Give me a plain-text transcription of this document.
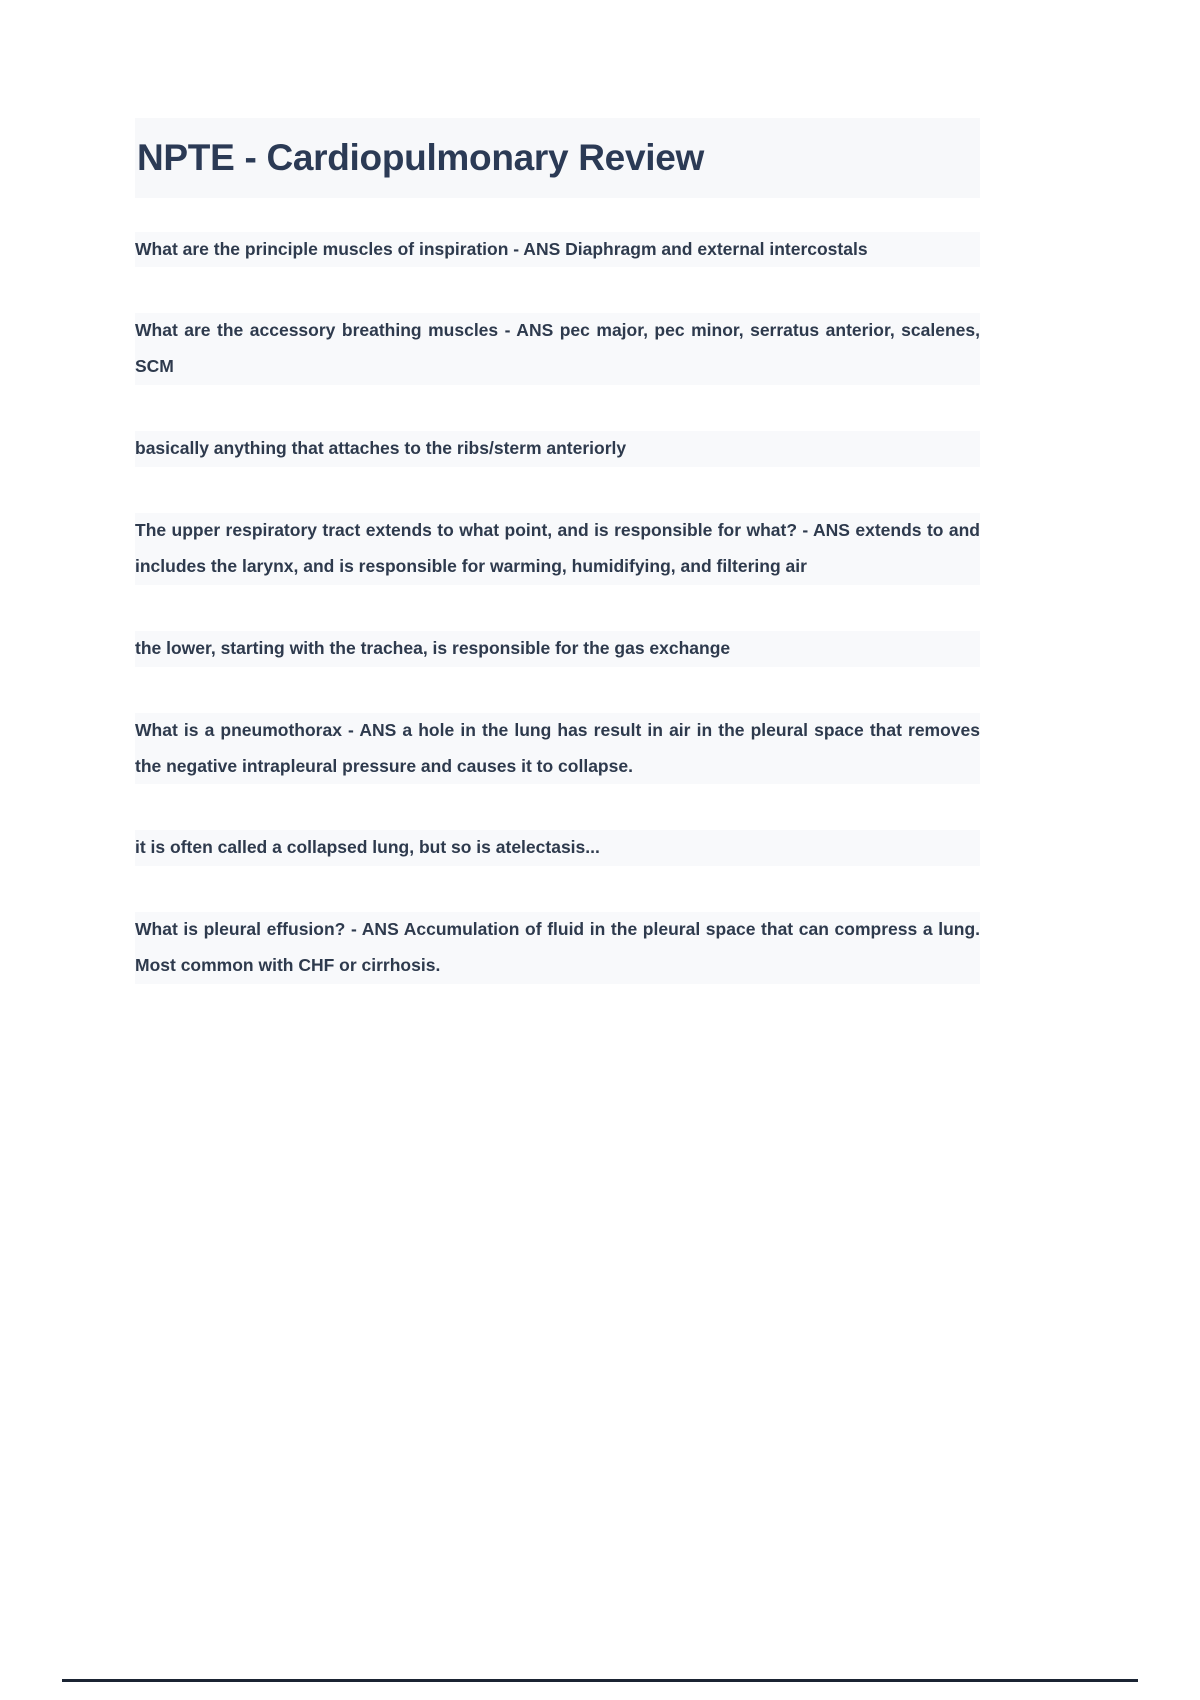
NPTE - Cardiopulmonary Review

What are the principle muscles of inspiration - ANS Diaphragm and external intercostals

What are the accessory breathing muscles - ANS pec major, pec minor, serratus anterior, scalenes, SCM

basically anything that attaches to the ribs/sterm anteriorly

The upper respiratory tract extends to what point, and is responsible for what? - ANS extends to and includes the larynx, and is responsible for warming, humidifying, and filtering air

the lower, starting with the trachea, is responsible for the gas exchange

What is a pneumothorax - ANS a hole in the lung has result in air in the pleural space that removes the negative intrapleural pressure and causes it to collapse.

it is often called a collapsed lung, but so is atelectasis...

What is pleural effusion? - ANS Accumulation of fluid in the pleural space that can compress a lung. Most common with CHF or cirrhosis.
